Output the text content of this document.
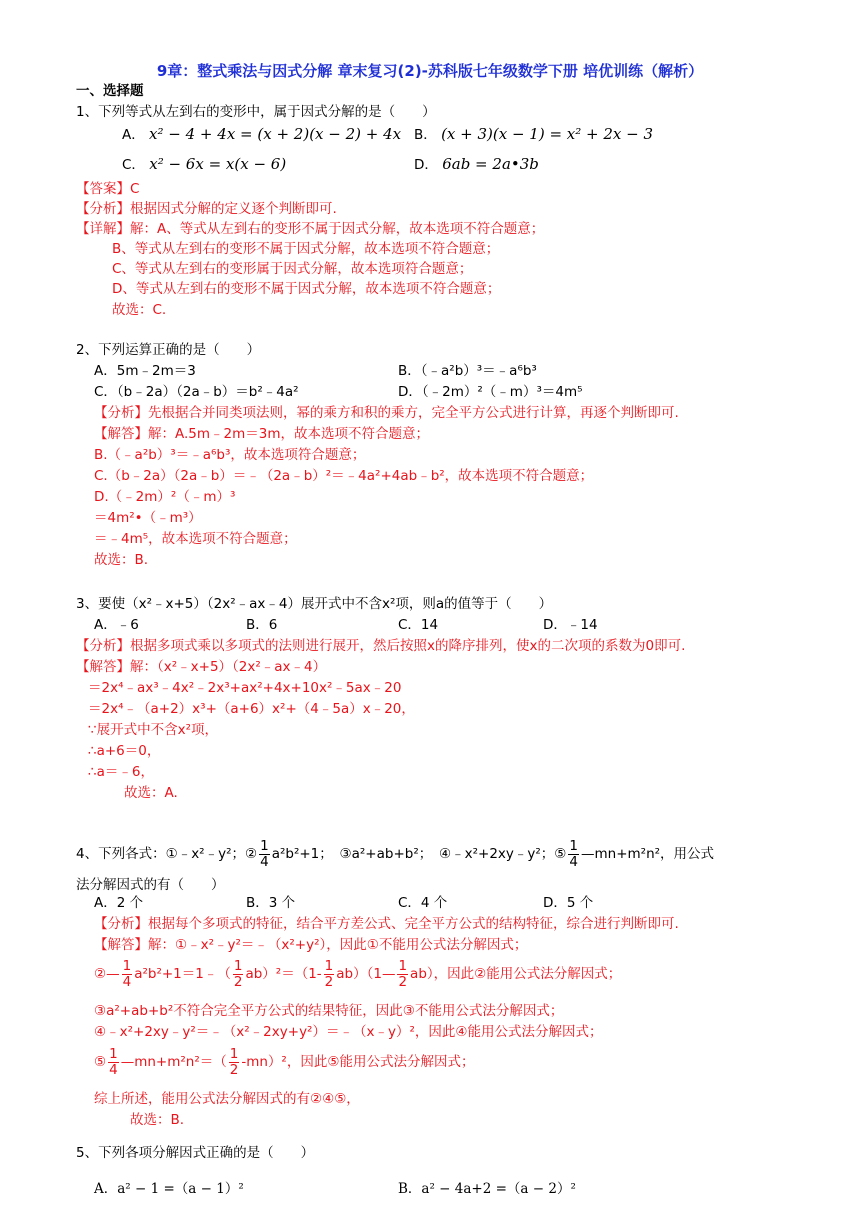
9章：整式乘法与因式分解 章末复习(2)-苏科版七年级数学下册 培优训练（解析）
一、选择题
1、下列等式从左到右的变形中，属于因式分解的是（　　）
A． x² − 4 + 4x = (x + 2)(x − 2) + 4x B． (x + 3)(x − 1) = x² + 2x − 3
C． x² − 6x = x(x − 6)	D． 6ab = 2a•3b
【答案】C
【分析】根据因式分解的定义逐个判断即可.
【详解】解：A、等式从左到右的变形不属于因式分解，故本选项不符合题意；
B、等式从左到右的变形不属于因式分解，故本选项不符合题意；
C、等式从左到右的变形属于因式分解，故本选项符合题意；
D、等式从左到右的变形不属于因式分解，故本选项不符合题意；
故选：C.
2、下列运算正确的是（　　）
A．5m﹣2m＝3	B．（﹣a²b）³＝﹣a⁶b³
C．（b﹣2a）（2a﹣b）＝b²﹣4a²	D．（﹣2m）²（﹣m）³＝4m⁵
【分析】先根据合并同类项法则，幂的乘方和积的乘方，完全平方公式进行计算，再逐个判断即可.
【解答】解：A.5m﹣2m＝3m，故本选项不符合题意；
B.（﹣a²b）³＝﹣a⁶b³，故本选项符合题意；
C.（b﹣2a）（2a﹣b）＝﹣（2a﹣b）²＝﹣4a²+4ab﹣b²，故本选项不符合题意；
D.（﹣2m）²（﹣m）³
＝4m²•（﹣m³）
＝﹣4m⁵，故本选项不符合题意；
故选：B.
3、要使（x²﹣x+5）（2x²﹣ax﹣4）展开式中不含x²项，则a的值等于（　　）
A．﹣6	B．6	C．14	D．﹣14
【分析】根据多项式乘以多项式的法则进行展开，然后按照x的降序排列，使x的二次项的系数为0即可.
【解答】解：（x²﹣x+5）（2x²﹣ax﹣4）
＝2x⁴﹣ax³﹣4x²﹣2x³+ax²+4x+10x²﹣5ax﹣20
＝2x⁴﹣（a+2）x³+（a+6）x²+（4﹣5a）x﹣20，
∵展开式中不含x²项，
∴a+6＝0，
∴a＝﹣6，
故选：A.
4、下列各式：①﹣x²﹣y²；② $\frac{1}{4} a^2b^2+1$；　③a²+ab+b²；　④﹣x²+2xy﹣y²；⑤ $\frac{1}{4}$ —mn+m²n²，用公式
法分解因式的有（　　）
A．2 个	B．3 个	C．4 个	D．5 个
【分析】根据每个多项式的特征，结合平方差公式、完全平方公式的结构特征，综合进行判断即可.
【解答】解：①﹣x²﹣y²＝﹣（x²+y²），因此①不能用公式法分解因式；
②— $\frac{1}{4}$ a²b²+1＝1﹣（ $\frac{1}{2} ab)^2=(1- \frac{1}{2}$ ab）（1— $\frac{1}{2} ab$），因此②能用公式法分解因式；
③a²+ab+b²不符合完全平方公式的结果特征，因此③不能用公式法分解因式；
④﹣x²+2xy﹣y²＝﹣（x²﹣2xy+y²）＝﹣（x﹣y）²，因此④能用公式法分解因式；
⑤ $\frac{1}{4}$ —mn+m²n²＝（ $\frac{1}{2} -mn)^2$，因此⑤能用公式法分解因式；
综上所述，能用公式法分解因式的有②④⑤，
故选：B.
5、下列各项分解因式正确的是（　　）
A．a² − 1 =（a − 1）²	B．a² − 4a+2 =（a − 2）²
